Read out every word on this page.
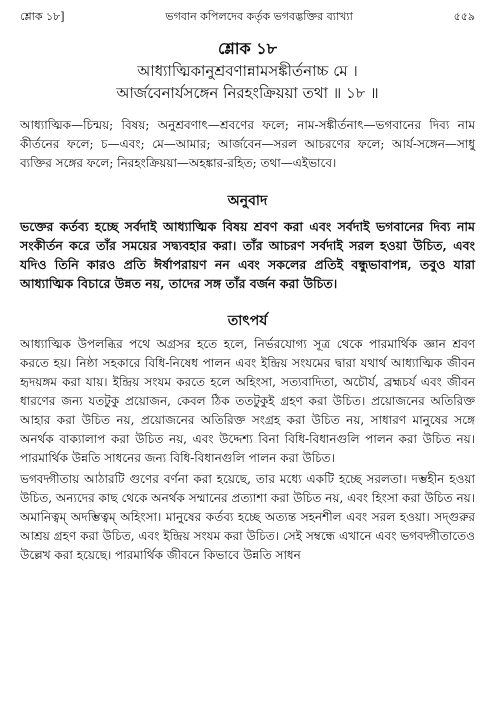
শ্লোক ১৮]	ভগবান কপিলদেব কর্তৃক ভগবদ্ভক্তির ব্যাখ্যা	৫৫৯
শ্লোক ১৮
আধ্যাত্মিকানুশ্রবণান্নামসঙ্কীর্তনাচ্চ মে ।
আর্জবেনার্যসঙ্গেন নিরহংক্রিয়য়া তথা ॥ ১৮ ॥

আধ্যাত্মিক—চিন্ময়; বিষয়; অনুশ্রবণাৎ—শ্রবণের ফলে; নাম-সঙ্কীর্তনাৎ—ভগবানের দিব্য নাম কীর্তনের ফলে; চ—এবং; মে—আমার; আর্জবেন—সরল আচরণের ফলে; আর্য-সঙ্গেন—সাধু ব্যক্তির সঙ্গের ফলে; নিরহংক্রিয়য়া—অহঙ্কার-রহিত; তথা—এইভাবে।

অনুবাদ

ভক্তের কর্তব্য হচ্ছে সর্বদাই আধ্যাত্মিক বিষয় শ্রবণ করা এবং সর্বদাই ভগবানের দিব্য নাম সংকীর্তন করে তাঁর সময়ের সদ্ব্যবহার করা। তাঁর আচরণ সর্বদাই সরল হওয়া উচিত, এবং যদিও তিনি কারও প্রতি ঈর্ষাপরায়ণ নন এবং সকলের প্রতিই বন্ধুভাবাপন্ন, তবুও যারা আধ্যাত্মিক বিচারে উন্নত নয়, তাদের সঙ্গ তাঁর বর্জন করা উচিত।

তাৎপর্য

আধ্যাত্মিক উপলব্ধির পথে অগ্রসর হতে হলে, নির্ভরযোগ্য সূত্র থেকে পারমার্থিক জ্ঞান শ্রবণ করতে হয়। নিষ্ঠা সহকারে বিধি-নিষেধ পালন এবং ইন্দ্রিয় সংযমের দ্বারা যথার্থ আধ্যাত্মিক জীবন হৃদয়ঙ্গম করা যায়। ইন্দ্রিয় সংযম করতে হলে অহিংসা, সত্যবাদিতা, অচৌর্য, ব্রহ্মচর্য এবং জীবন ধারণের জন্য যতটুকু প্রয়োজন, কেবল ঠিক ততটুকুই গ্রহণ করা উচিত। প্রয়োজনের অতিরিক্ত আহার করা উচিত নয়, প্রয়োজনের অতিরিক্ত সংগ্রহ করা উচিত নয়, সাধারণ মানুষের সঙ্গে অনর্থক বাক্যালাপ করা উচিত নয়, এবং উদ্দেশ্য বিনা বিধি-বিধানগুলি পালন করা উচিত নয়। পারমার্থিক উন্নতি সাধনের জন্য বিধি-বিধানগুলি পালন করা উচিত।

ভগবদ্গীতায় আঠারটি গুণের বর্ণনা করা হয়েছে, তার মধ্যে একটি হচ্ছে সরলতা। দম্ভহীন হওয়া উচিত, অন্যদের কাছ থেকে অনর্থক সম্মানের প্রত্যাশা করা উচিত নয়, এবং হিংসা করা উচিত নয়। অমানিত্বম্ অদম্ভিত্বম্ অহিংসা। মানুষের কর্তব্য হচ্ছে অত্যন্ত সহনশীল এবং সরল হওয়া। সদ্গুরুর আশ্রয় গ্রহণ করা উচিত, এবং ইন্দ্রিয় সংযম করা উচিত। সেই সম্বন্ধে এখানে এবং ভগবদ্গীতাতেও উল্লেখ করা হয়েছে। পারমার্থিক জীবনে কিভাবে উন্নতি সাধন
